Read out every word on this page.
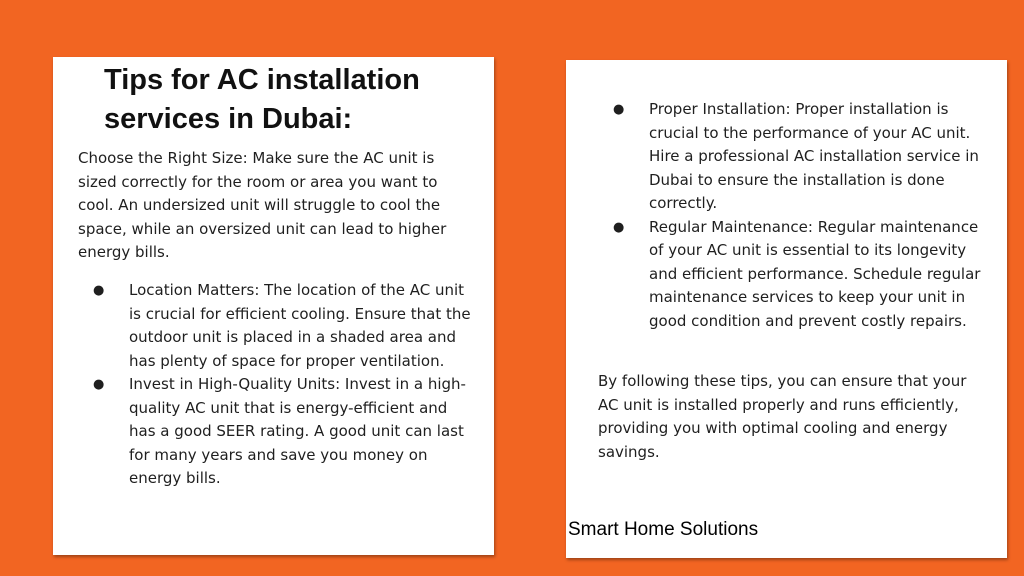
Tips for AC installation services in Dubai:

Choose the Right Size: Make sure the AC unit is sized correctly for the room or area you want to cool. An undersized unit will struggle to cool the space, while an oversized unit can lead to higher energy bills.

● Location Matters: The location of the AC unit is crucial for efficient cooling. Ensure that the outdoor unit is placed in a shaded area and has plenty of space for proper ventilation.
● Invest in High-Quality Units: Invest in a high-quality AC unit that is energy-efficient and has a good SEER rating. A good unit can last for many years and save you money on energy bills.
● Proper Installation: Proper installation is crucial to the performance of your AC unit. Hire a professional AC installation service in Dubai to ensure the installation is done correctly.
● Regular Maintenance: Regular maintenance of your AC unit is essential to its longevity and efficient performance. Schedule regular maintenance services to keep your unit in good condition and prevent costly repairs.

By following these tips, you can ensure that your AC unit is installed properly and runs efficiently, providing you with optimal cooling and energy savings.

Smart Home Solutions
